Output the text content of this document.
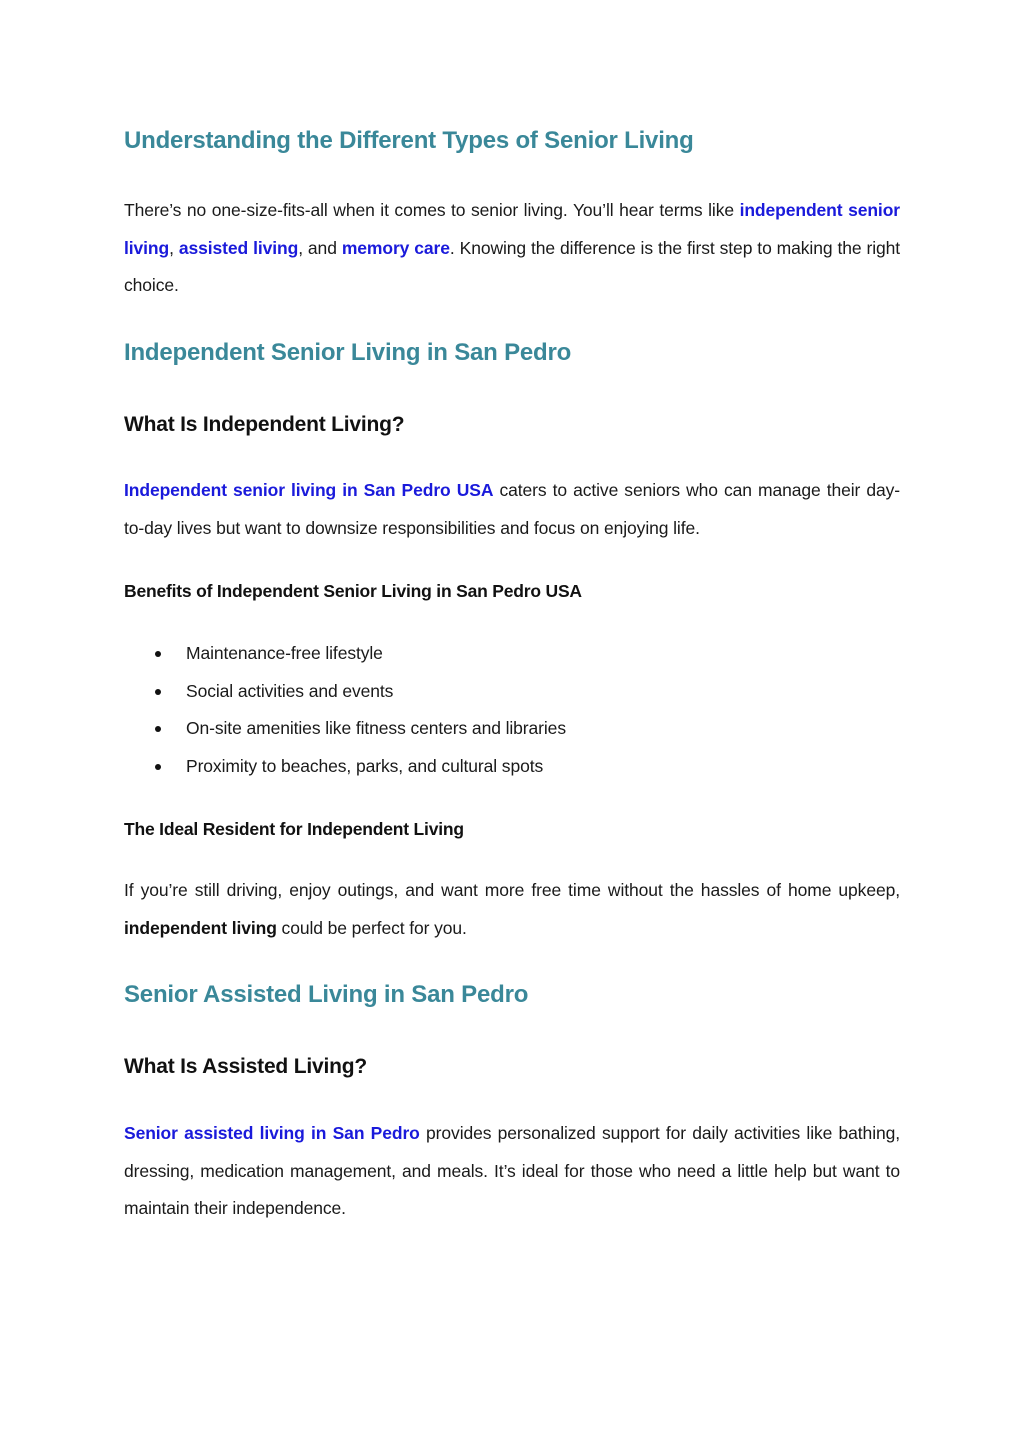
Understanding the Different Types of Senior Living

There’s no one-size-fits-all when it comes to senior living. You’ll hear terms like independent senior living, assisted living, and memory care. Knowing the difference is the first step to making the right choice.

Independent Senior Living in San Pedro
What Is Independent Living?

Independent senior living in San Pedro USA caters to active seniors who can manage their day-to-day lives but want to downsize responsibilities and focus on enjoying life.

Benefits of Independent Senior Living in San Pedro USA
Maintenance-free lifestyle
Social activities and events
On-site amenities like fitness centers and libraries
Proximity to beaches, parks, and cultural spots
The Ideal Resident for Independent Living

If you’re still driving, enjoy outings, and want more free time without the hassles of home upkeep, independent living could be perfect for you.

Senior Assisted Living in San Pedro
What Is Assisted Living?

Senior assisted living in San Pedro provides personalized support for daily activities like bathing, dressing, medication management, and meals. It’s ideal for those who need a little help but want to maintain their independence.
